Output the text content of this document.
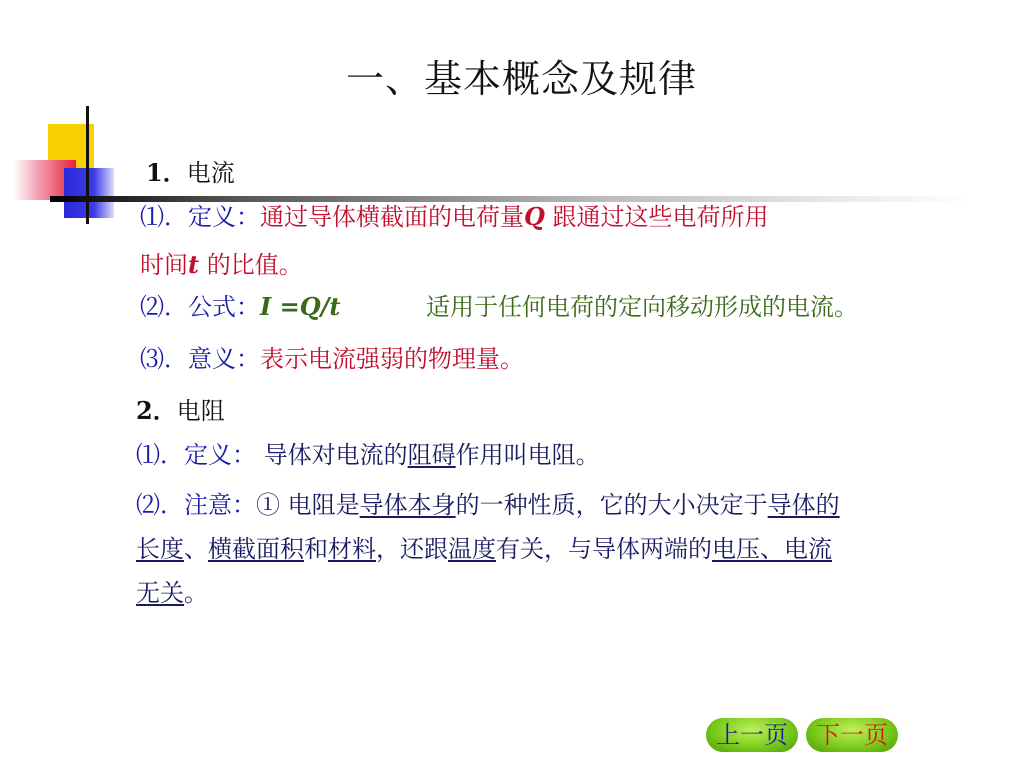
一、基本概念及规律
1．电流
⑴．定义：通过导体横截面的电荷量Q 跟通过这些电荷所用
时间t 的比值。
⑵．公式：I =Q/t	适用于任何电荷的定向移动形成的电流。
⑶．意义：表示电流强弱的物理量。
2．电阻
⑴．定义： 导体对电流的阻碍作用叫电阻。
⑵．注意：① 电阻是导体本身的一种性质，它的大小决定于导体的
长度、横截面积和材料，还跟温度有关，与导体两端的电压、电流
无关。
上一页	下一页
